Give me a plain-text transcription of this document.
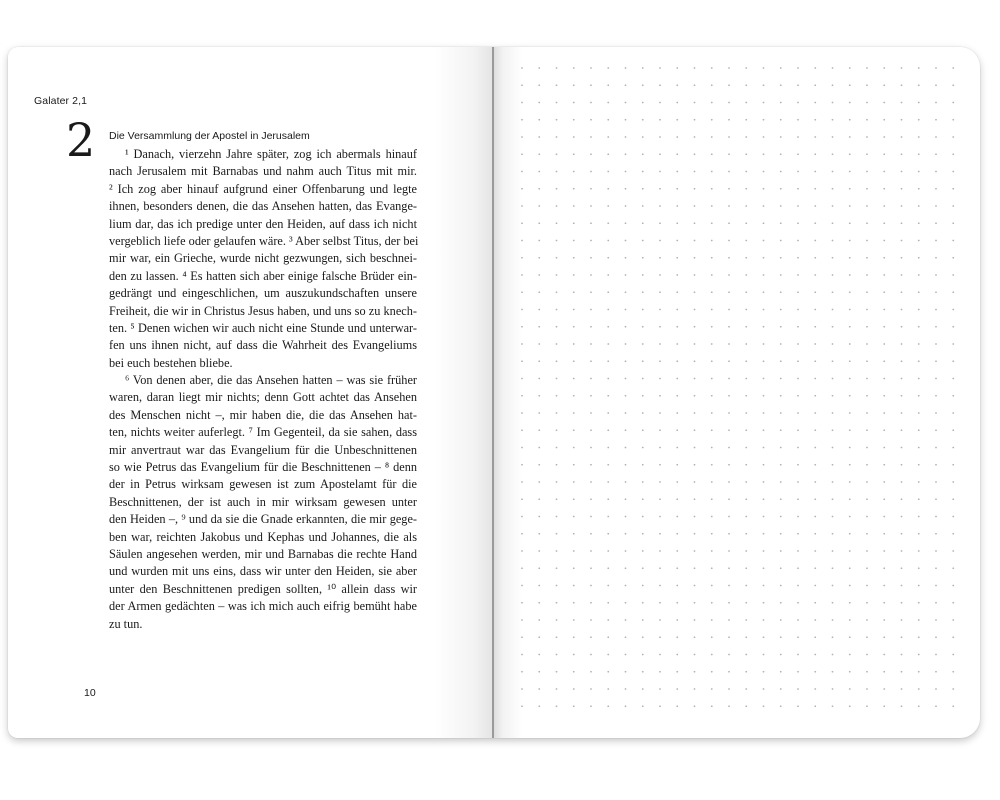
Galater 2,1
2 Die Versammlung der Apostel in Jerusalem
¹ Danach, vierzehn Jahre später, zog ich abermals hinauf
nach Jerusalem mit Barnabas und nahm auch Titus mit mir.
² Ich zog aber hinauf aufgrund einer Offenbarung und legte
ihnen, besonders denen, die das Ansehen hatten, das Evange-
lium dar, das ich predige unter den Heiden, auf dass ich nicht
vergeblich liefe oder gelaufen wäre. ³ Aber selbst Titus, der bei
mir war, ein Grieche, wurde nicht gezwungen, sich beschnei-
den zu lassen. ⁴ Es hatten sich aber einige falsche Brüder ein-
gedrängt und eingeschlichen, um auszukundschaften unsere
Freiheit, die wir in Christus Jesus haben, und uns so zu knech-
ten. ⁵ Denen wichen wir auch nicht eine Stunde und unterwar-
fen uns ihnen nicht, auf dass die Wahrheit des Evangeliums
bei euch bestehen bliebe.
⁶ Von denen aber, die das Ansehen hatten – was sie früher
waren, daran liegt mir nichts; denn Gott achtet das Ansehen
des Menschen nicht –, mir haben die, die das Ansehen hat-
ten, nichts weiter auferlegt. ⁷ Im Gegenteil, da sie sahen, dass
mir anvertraut war das Evangelium für die Unbeschnittenen
so wie Petrus das Evangelium für die Beschnittenen – ⁸ denn
der in Petrus wirksam gewesen ist zum Apostelamt für die
Beschnittenen, der ist auch in mir wirksam gewesen unter
den Heiden –, ⁹ und da sie die Gnade erkannten, die mir gege-
ben war, reichten Jakobus und Kephas und Johannes, die als
Säulen angesehen werden, mir und Barnabas die rechte Hand
und wurden mit uns eins, dass wir unter den Heiden, sie aber
unter den Beschnittenen predigen sollten, ¹⁰ allein dass wir
der Armen gedächten – was ich mich auch eifrig bemüht habe
zu tun.
10
